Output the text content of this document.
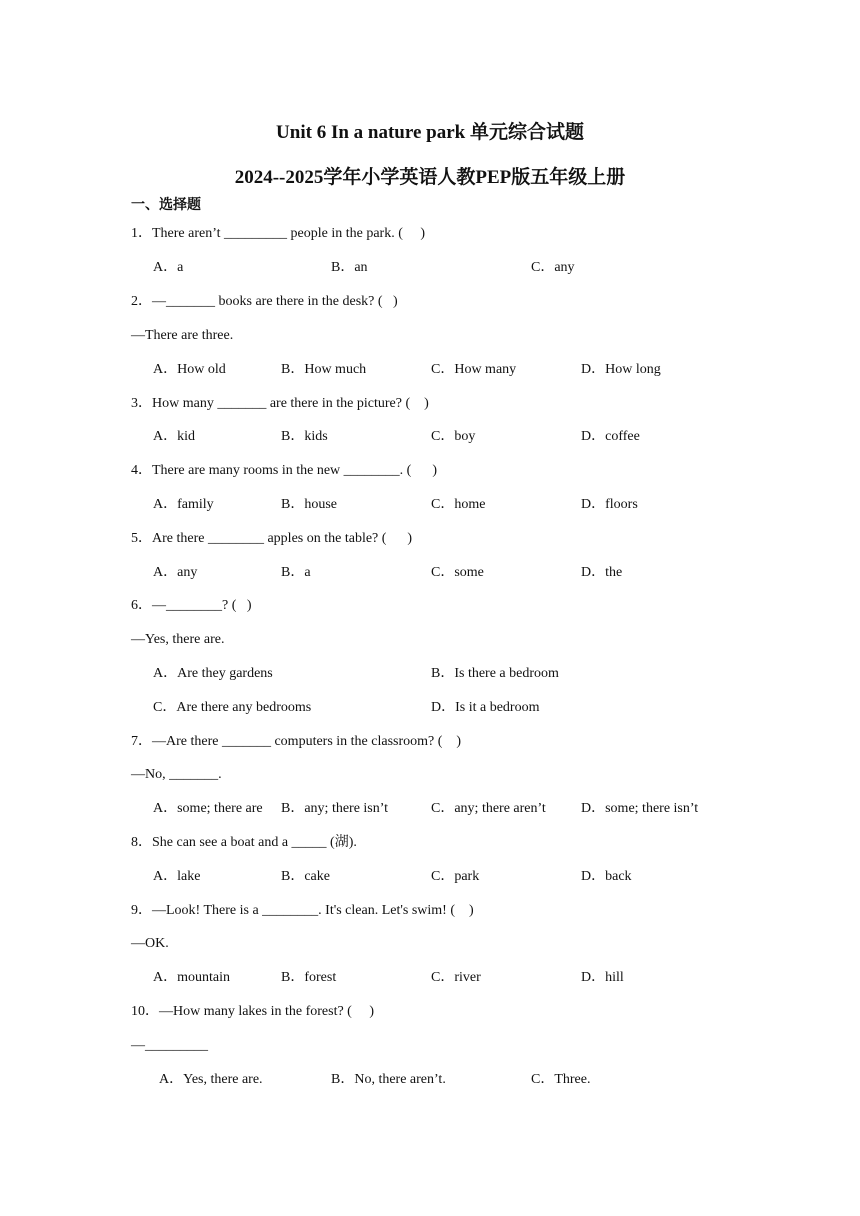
Unit 6 In a nature park 单元综合试题
2024--2025学年小学英语人教PEP版五年级上册
一、选择题
1．There aren’t _________ people in the park. (     )
A．a	B．an	C．any
2．—_______ books are there in the desk? (   )
—There are three.
A．How old	B．How much	C．How many	D．How long
3．How many _______ are there in the picture? (    )
A．kid	B．kids	C．boy	D．coffee
4．There are many rooms in the new ________. (      )
A．family	B．house	C．home	D．floors
5．Are there ________ apples on the table? (      )
A．any	B．a	C．some	D．the
6．—________? (   )
—Yes, there are.
A．Are they gardens	B．Is there a bedroom
C．Are there any bedrooms	D．Is it a bedroom
7．—Are there _______ computers in the classroom? (    )
—No, _______.
A．some; there are B．any; there isn’t	C．any; there aren’t	D．some; there isn’t
8．She can see a boat and a _____ (湖).
A．lake	B．cake	C．park	D．back
9．—Look! There is a ________. It's clean. Let's swim! (    )
—OK.
A．mountain	B．forest	C．river	D．hill
10．—How many lakes in the forest? (     )
—_________
A．Yes, there are.	B．No, there aren’t.	C．Three.
